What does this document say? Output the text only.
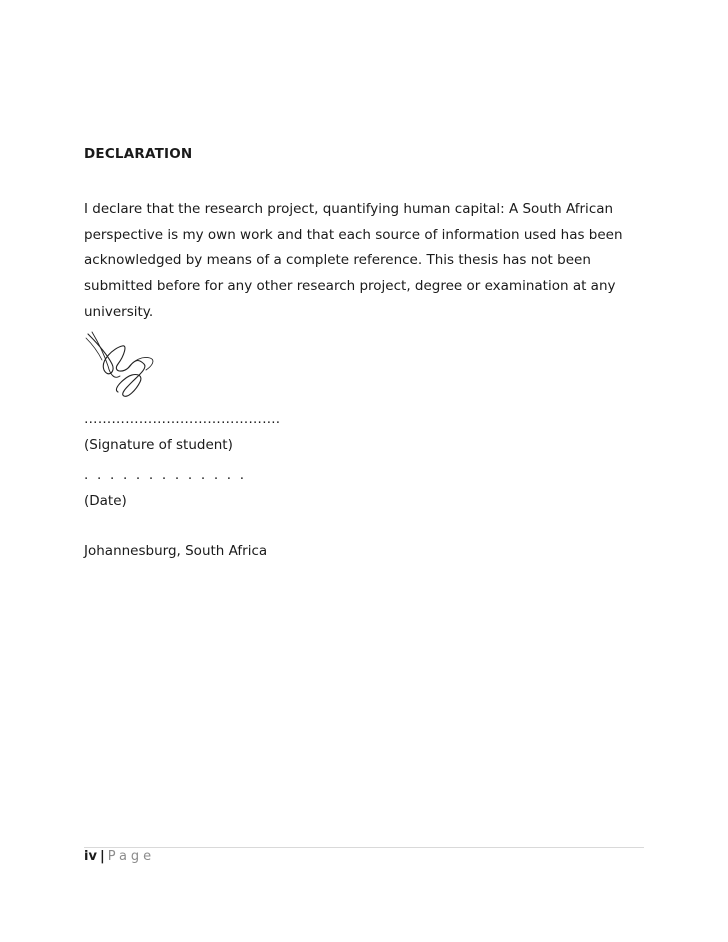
DECLARATION
I declare that the research project, quantifying human capital: A South African perspective is my own work and that each source of information used has been acknowledged by means of a complete reference. This thesis has not been submitted before for any other research project, degree or examination at any university.
…………………………………….
(Signature of student)
. . . . . . . . . . . . .
(Date)
Johannesburg, South Africa
iv | Page
